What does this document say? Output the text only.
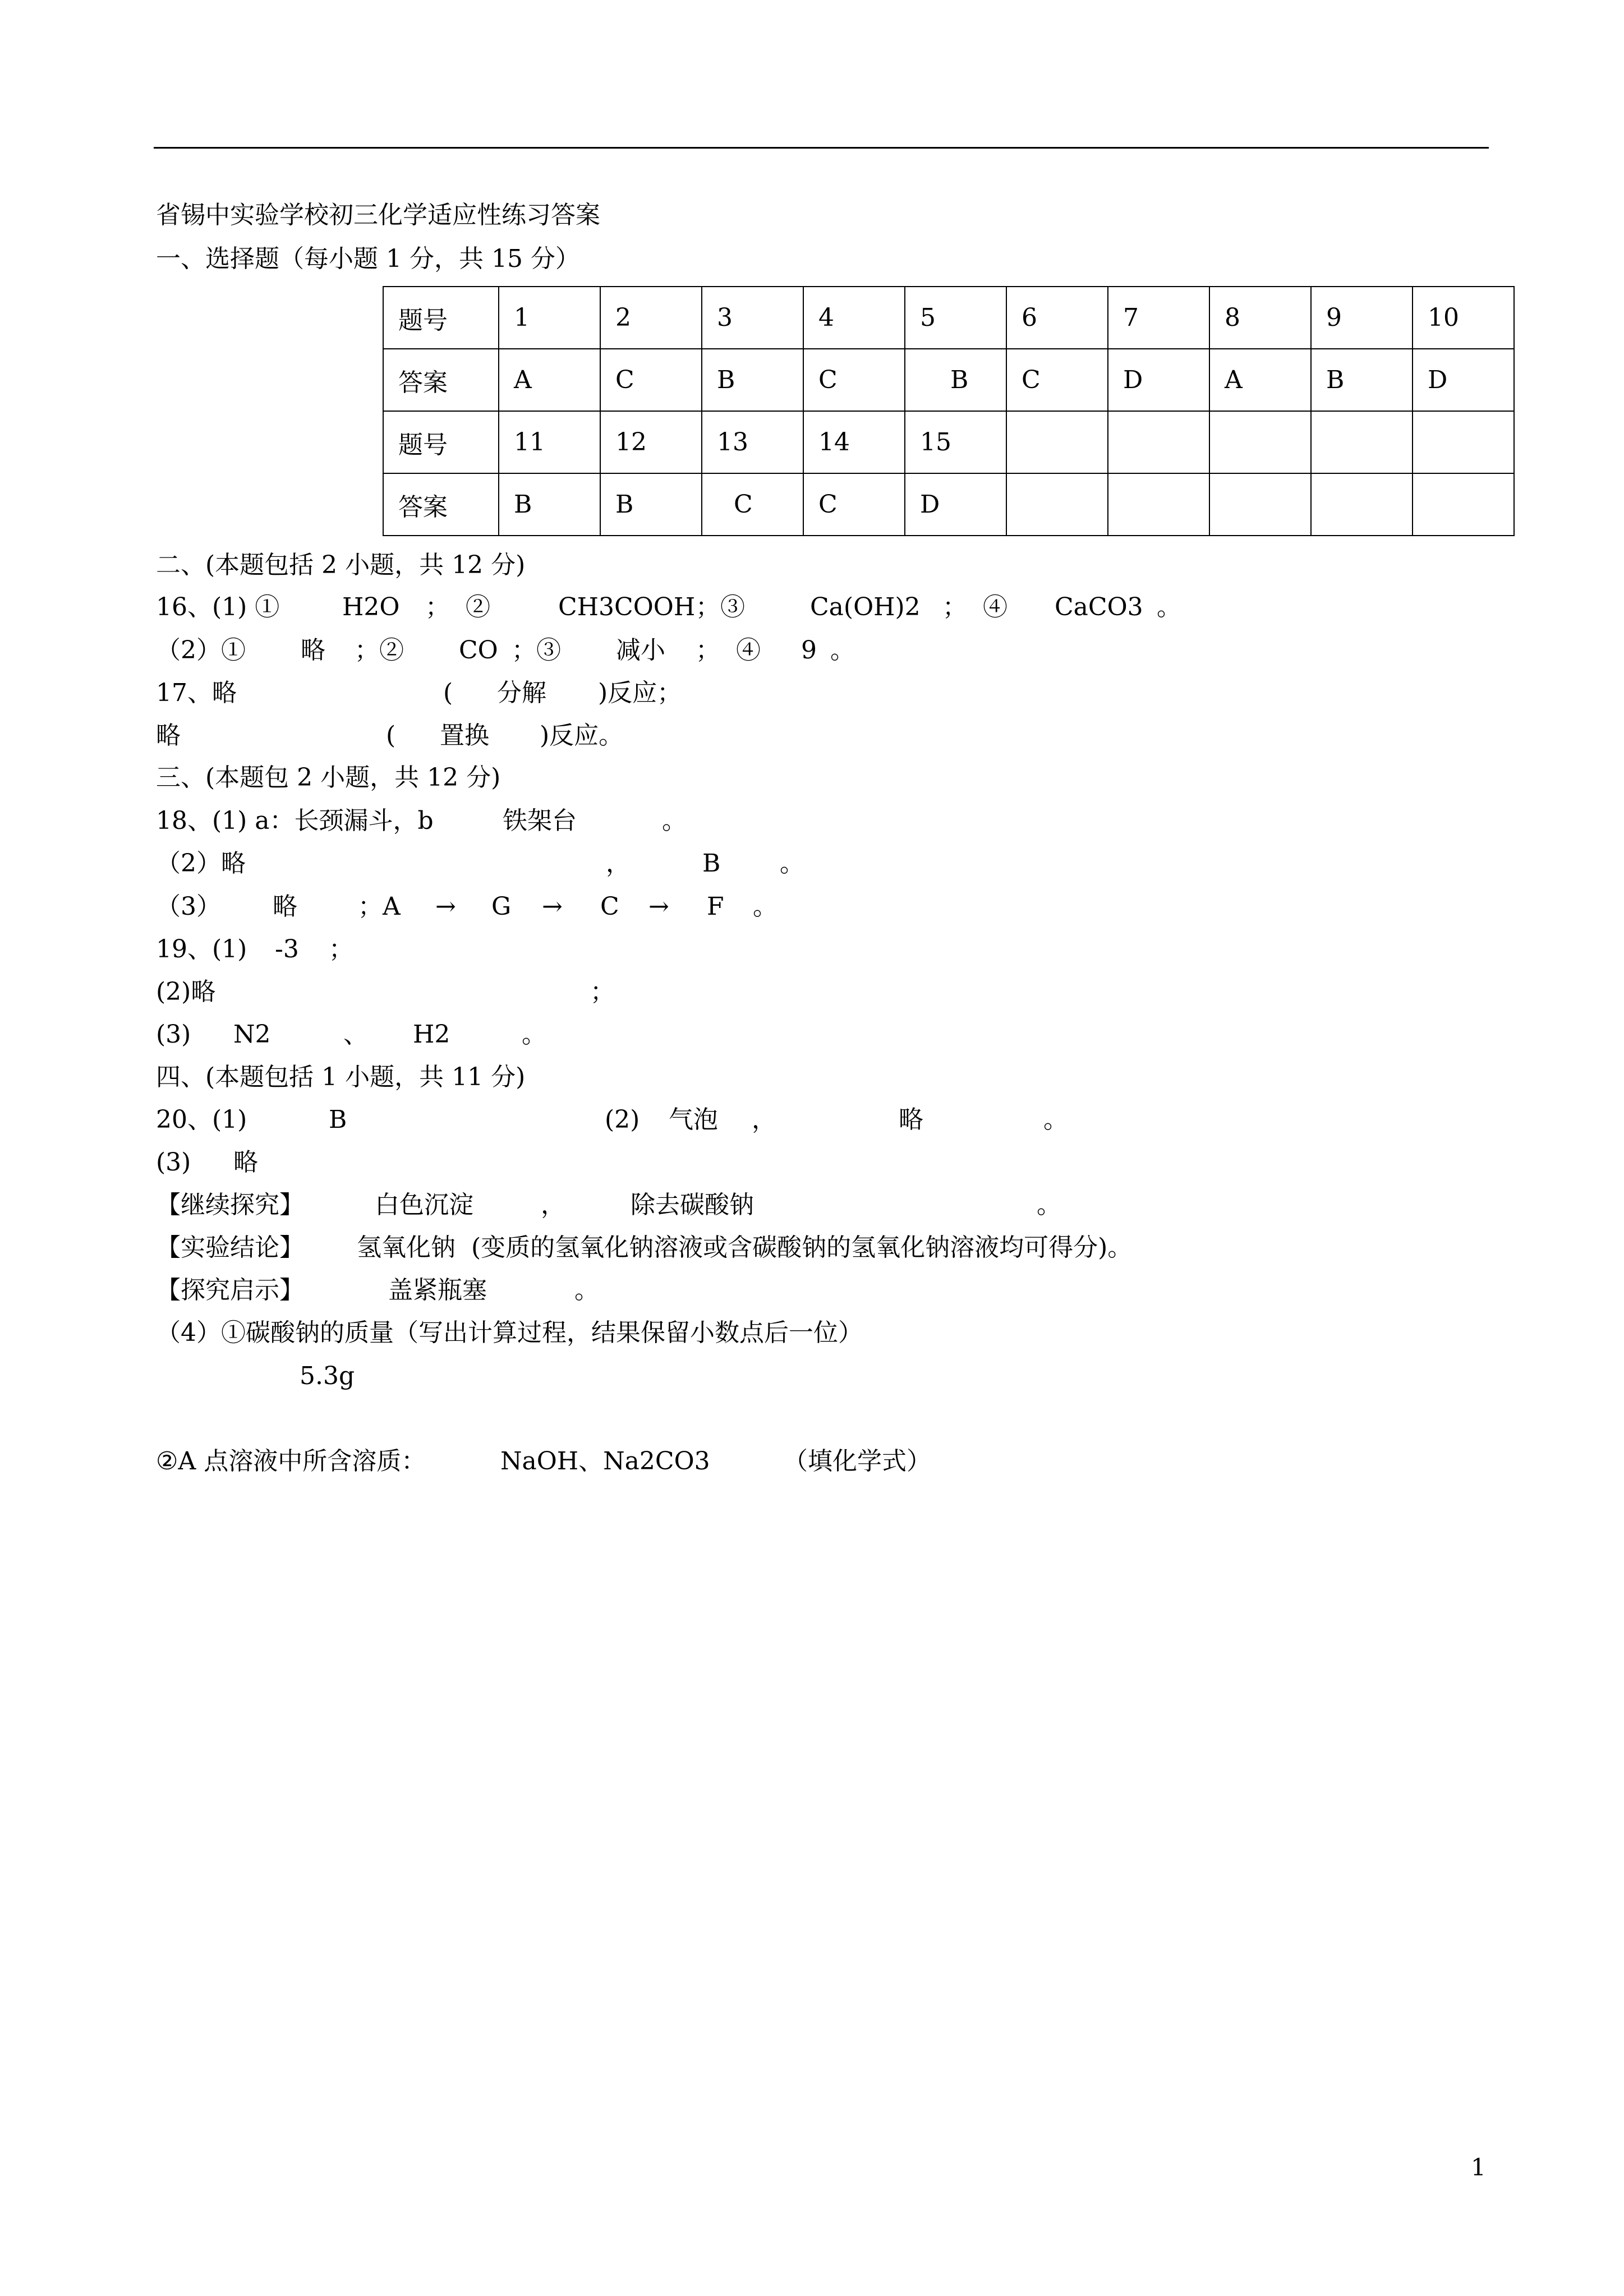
省锡中实验学校初三化学适应性练习答案
一、选择题（每小题 1 分，共 15 分）
题号	1	2	3	4	5	6	7	8	9	10
答案	A	C	B	C	B	C	D	A	B	D
题号	11	12	13	14	15					
答案	B	B	C	C	D					
二、(本题包括 2 小题，共 12 分)
16、(1) ①	H2O ；  ②	CH3COOH ；③	Ca(OH)2 ；  ④ CaCO3 。
（2）① 略 ；② CO ；③ 减小 ；  ④ 9 。
17、略	( 分解 )反应；
略	( 置换 )反应。
三、(本题包 2 小题，共 12 分)
18、(1) a：长颈漏斗，b	铁架台	。
（2）略	，	B 。
（3） 略 ；A → G → C → F 。
19、(1) -3 ；
(2)略	；
(3) N2	、 H2	。
四、(本题包括 1 小题，共 11 分)
20、(1)	B	(2) 气泡 ，	略	。
(3) 略
【继续探究】	白色沉淀	，	除去碳酸钠	。
【实验结论】 氢氧化钠  (变质的氢氧化钠溶液或含碳酸钠的氢氧化钠溶液均可得分)。
【探究启示】	盖紧瓶塞	。
（4）①碳酸钠的质量（写出计算过程，结果保留小数点后一位）
5.3g
②A 点溶液中所含溶质：	NaOH、Na2CO3	（填化学式）
1
